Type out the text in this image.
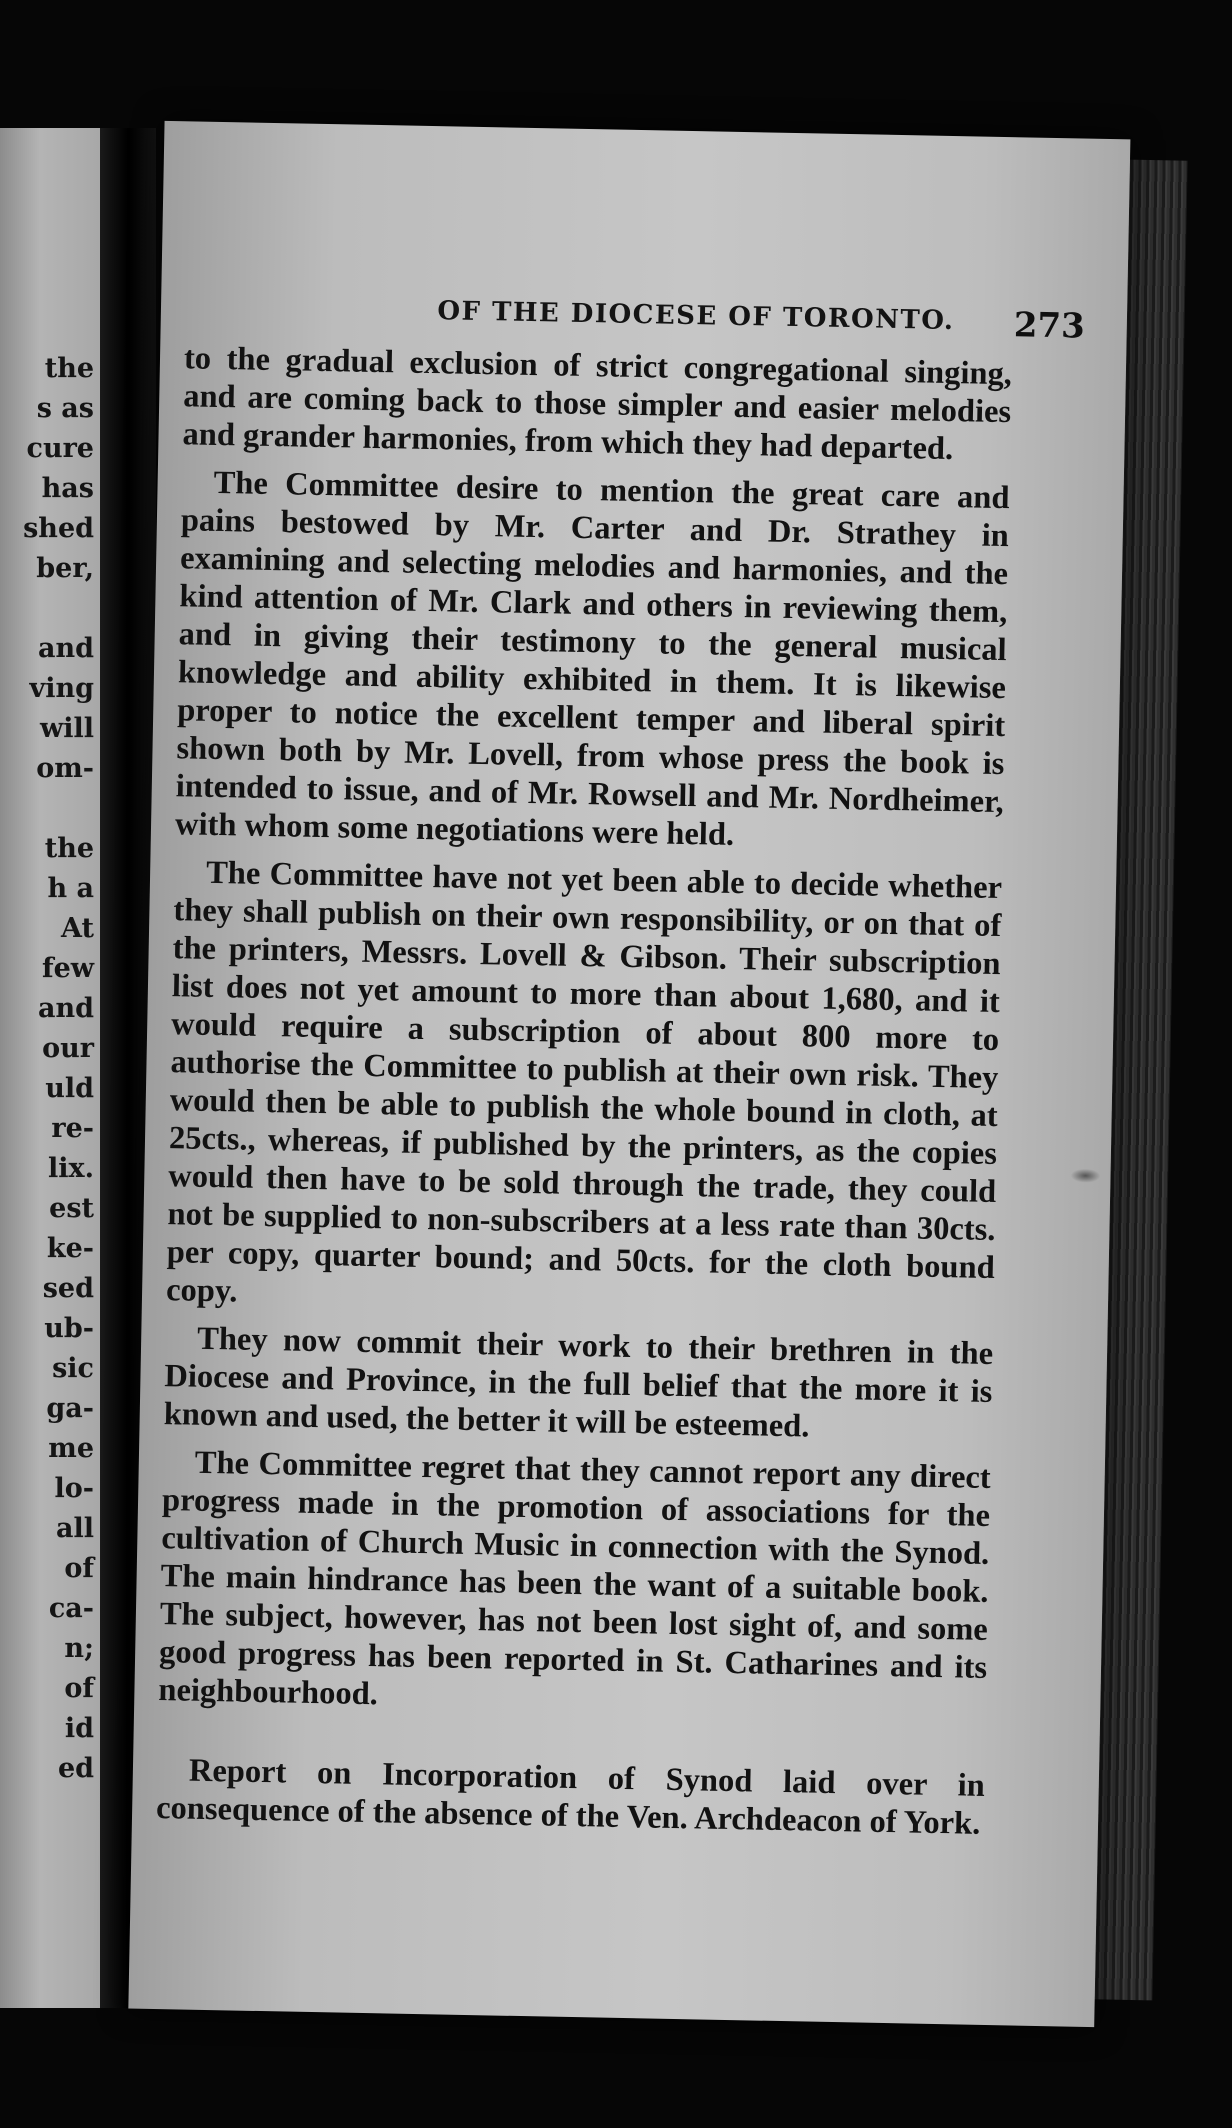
the

s as

cure

has

shed

ber,

and

ving

will

om-

the

h a

At

few

and

our

uld

re-

lix.

est

ke-

sed

ub-

sic

ga-

me

lo-

all

of

ca-

n;

of

id

ed

OF THE DIOCESE OF TORONTO.	273

to the gradual exclusion of strict congregational singing, and are coming back to those simpler and easier melodies and grander harmonies, from which they had departed.

The Committee desire to mention the great care and pains bestowed by Mr. Carter and Dr. Strathey in examining and selecting melodies and harmonies, and the kind attention of Mr. Clark and others in reviewing them, and in giving their testimony to the general musical knowledge and ability exhibited in them. It is likewise proper to notice the excellent temper and liberal spirit shown both by Mr. Lovell, from whose press the book is intended to issue, and of Mr. Rowsell and Mr. Nordheimer, with whom some negotiations were held.

The Committee have not yet been able to decide whether they shall publish on their own responsibility, or on that of the printers, Messrs. Lovell & Gibson. Their subscription list does not yet amount to more than about 1,680, and it would require a subscription of about 800 more to authorise the Committee to publish at their own risk. They would then be able to publish the whole bound in cloth, at 25cts., whereas, if published by the printers, as the copies would then have to be sold through the trade, they could not be supplied to non-subscribers at a less rate than 30cts. per copy, quarter bound; and 50cts. for the cloth bound copy.

They now commit their work to their brethren in the Diocese and Province, in the full belief that the more it is known and used, the better it will be esteemed.

The Committee regret that they cannot report any direct progress made in the promotion of associations for the cultivation of Church Music in connection with the Synod. The main hindrance has been the want of a suitable book. The subject, however, has not been lost sight of, and some good progress has been reported in St. Catharines and its neighbourhood.

Report on Incorporation of Synod laid over in consequence of the absence of the Ven. Archdeacon of York.
